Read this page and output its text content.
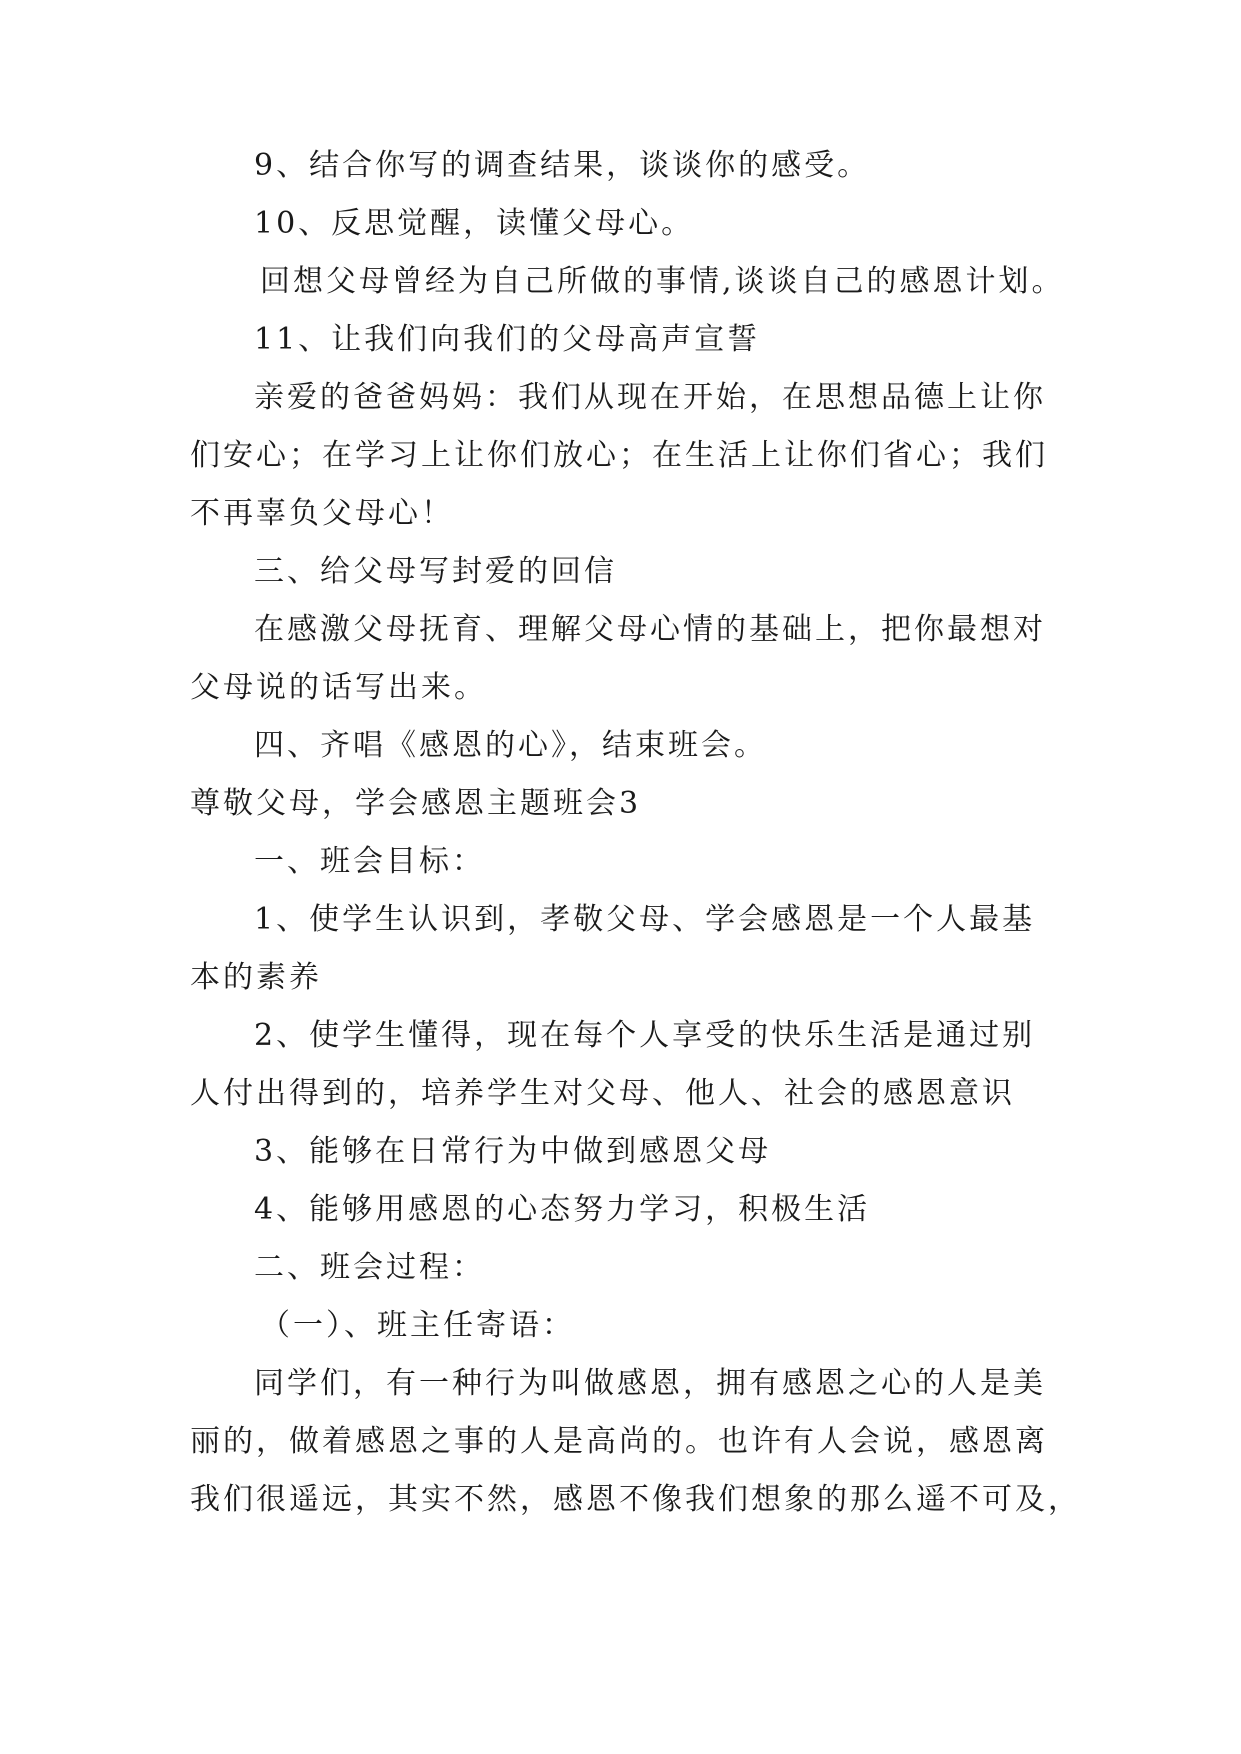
9、结合你写的调查结果，谈谈你的感受。
10、反思觉醒，读懂父母心。
回想父母曾经为自己所做的事情,谈谈自己的感恩计划。
11、让我们向我们的父母高声宣誓
亲爱的爸爸妈妈：我们从现在开始，在思想品德上让你
们安心；在学习上让你们放心；在生活上让你们省心；我们
不再辜负父母心！
三、给父母写封爱的回信
在感激父母抚育、理解父母心情的基础上，把你最想对
父母说的话写出来。
四、齐唱《感恩的心》，结束班会。
尊敬父母，学会感恩主题班会3
一、班会目标：
1、使学生认识到，孝敬父母、学会感恩是一个人最基
本的素养
2、使学生懂得，现在每个人享受的快乐生活是通过别
人付出得到的，培养学生对父母、他人、社会的感恩意识
3、能够在日常行为中做到感恩父母
4、能够用感恩的心态努力学习，积极生活
二、班会过程：
（一）、班主任寄语：
同学们，有一种行为叫做感恩，拥有感恩之心的人是美
丽的，做着感恩之事的人是高尚的。也许有人会说，感恩离
我们很遥远，其实不然，感恩不像我们想象的那么遥不可及，
